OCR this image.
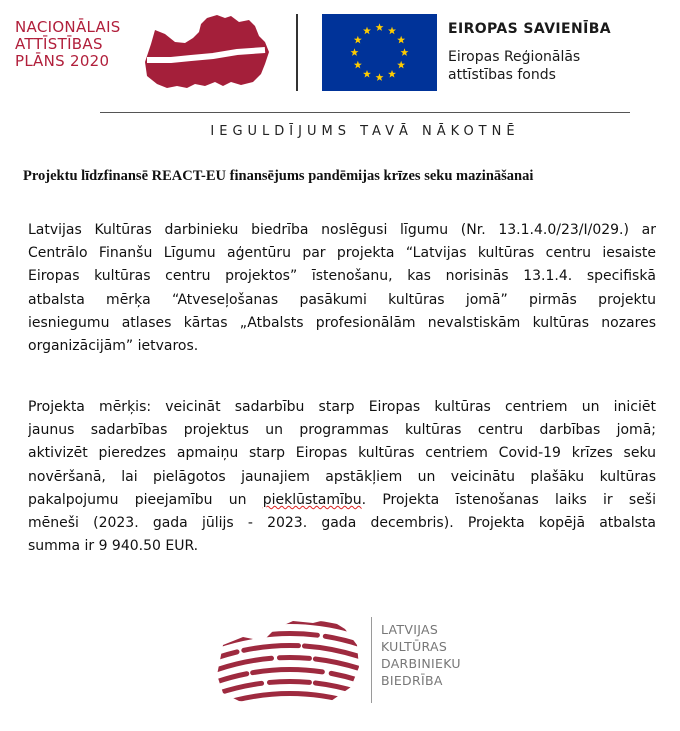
NACIONĀLAIS
ATTĪSTĪBAS
PLĀNS 2020
EIROPAS SAVIENĪBA
Eiropas Reģionālās
attīstības fonds
IEGULDĪJUMS TAVĀ NĀKOTNĒ
Projektu līdzfinansē REACT-EU finansējums pandēmijas krīzes seku mazināšanai
Latvijas Kultūras darbinieku biedrība noslēgusi līgumu (Nr. 13.1.4.0/23/I/029.) ar
Centrālo Finanšu Līgumu aģentūru par projekta “Latvijas kultūras centru iesaiste
Eiropas kultūras centru projektos” īstenošanu, kas norisinās 13.1.4. specifiskā
atbalsta mērķa “Atveseļošanas pasākumi kultūras jomā” pirmās projektu
iesniegumu atlases kārtas „Atbalsts profesionālām nevalstiskām kultūras nozares
organizācijām” ietvaros.
Projekta mērķis: veicināt sadarbību starp Eiropas kultūras centriem un iniciēt
jaunus sadarbības projektus un programmas kultūras centru darbības jomā;
aktivizēt pieredzes apmaiņu starp Eiropas kultūras centriem Covid-19 krīzes seku
novēršanā, lai pielāgotos jaunajiem apstākļiem un veicinātu plašāku kultūras
pakalpojumu pieejamību un pieklūstamību. Projekta īstenošanas laiks ir seši
mēneši (2023. gada jūlijs - 2023. gada decembris). Projekta kopējā atbalsta
summa ir 9 940.50 EUR.
LATVIJAS
KULTŪRAS
DARBINIEKU
BIEDRĪBA
